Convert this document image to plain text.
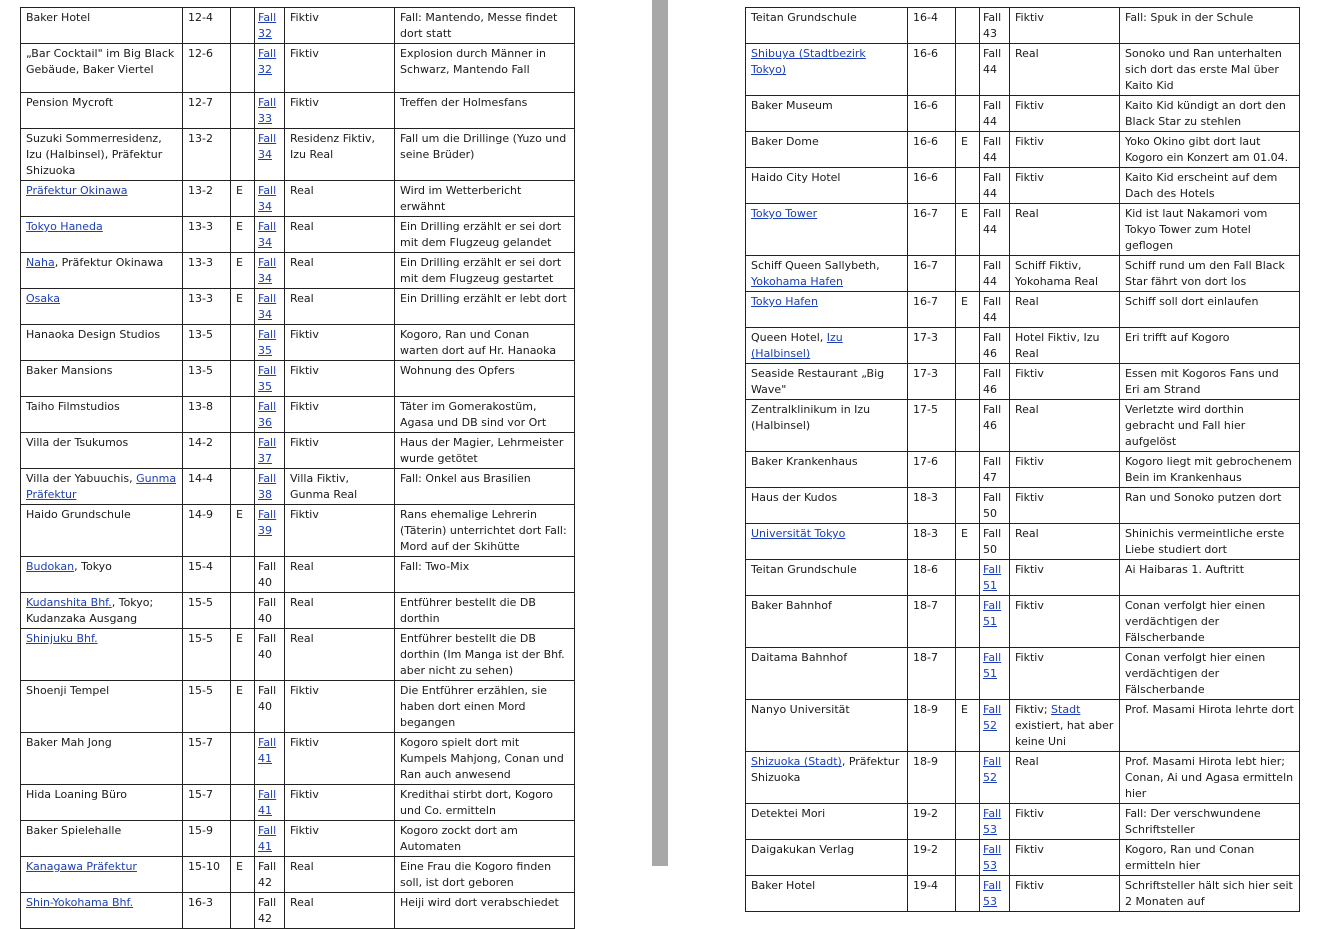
Baker Hotel	12-4		Fall 32	Fiktiv	Fall: Mantendo, Messe findet dort statt
„Bar Cocktail" im Big Black Gebäude, Baker Viertel	12-6		Fall 32	Fiktiv	Explosion durch Männer in Schwarz, Mantendo Fall
Pension Mycroft	12-7		Fall 33	Fiktiv	Treffen der Holmesfans
Suzuki Sommerresidenz, Izu (Halbinsel), Präfektur Shizuoka	13-2		Fall 34	Residenz Fiktiv, Izu Real	Fall um die Drillinge (Yuzo und seine Brüder)
Präfektur Okinawa	13-2	E	Fall 34	Real	Wird im Wetterbericht erwähnt
Tokyo Haneda	13-3	E	Fall 34	Real	Ein Drilling erzählt er sei dort mit dem Flugzeug gelandet
Naha, Präfektur Okinawa	13-3	E	Fall 34	Real	Ein Drilling erzählt er sei dort mit dem Flugzeug gestartet
Osaka	13-3	E	Fall 34	Real	Ein Drilling erzählt er lebt dort
Hanaoka Design Studios	13-5		Fall 35	Fiktiv	Kogoro, Ran und Conan warten dort auf Hr. Hanaoka
Baker Mansions	13-5		Fall 35	Fiktiv	Wohnung des Opfers
Taiho Filmstudios	13-8		Fall 36	Fiktiv	Täter im Gomerakostüm, Agasa und DB sind vor Ort
Villa der Tsukumos	14-2		Fall 37	Fiktiv	Haus der Magier, Lehrmeister wurde getötet
Villa der Yabuuchis, Gunma Präfektur	14-4		Fall 38	Villa Fiktiv, Gunma Real	Fall: Onkel aus Brasilien
Haido Grundschule	14-9	E	Fall 39	Fiktiv	Rans ehemalige Lehrerin (Täterin) unterrichtet dort Fall: Mord auf der Skihütte
Budokan, Tokyo	15-4		Fall 40	Real	Fall: Two-Mix
Kudanshita Bhf., Tokyo; Kudanzaka Ausgang	15-5		Fall 40	Real	Entführer bestellt die DB dorthin
Shinjuku Bhf.	15-5	E	Fall 40	Real	Entführer bestellt die DB dorthin (Im Manga ist der Bhf. aber nicht zu sehen)
Shoenji Tempel	15-5	E	Fall 40	Fiktiv	Die Entführer erzählen, sie haben dort einen Mord begangen
Baker Mah Jong	15-7		Fall 41	Fiktiv	Kogoro spielt dort mit Kumpels Mahjong, Conan und Ran auch anwesend
Hida Loaning Büro	15-7		Fall 41	Fiktiv	Kredithai stirbt dort, Kogoro und Co. ermitteln
Baker Spielehalle	15-9		Fall 41	Fiktiv	Kogoro zockt dort am Automaten
Kanagawa Präfektur	15-10	E	Fall 42	Real	Eine Frau die Kogoro finden soll, ist dort geboren
Shin-Yokohama Bhf.	16-3		Fall 42	Real	Heiji wird dort verabschiedet
Teitan Grundschule	16-4		Fall 43	Fiktiv	Fall: Spuk in der Schule
Shibuya (Stadtbezirk Tokyo)	16-6		Fall 44	Real	Sonoko und Ran unterhalten sich dort das erste Mal über Kaito Kid
Baker Museum	16-6		Fall 44	Fiktiv	Kaito Kid kündigt an dort den Black Star zu stehlen
Baker Dome	16-6	E	Fall 44	Fiktiv	Yoko Okino gibt dort laut Kogoro ein Konzert am 01.04.
Haido City Hotel	16-6		Fall 44	Fiktiv	Kaito Kid erscheint auf dem Dach des Hotels
Tokyo Tower	16-7	E	Fall 44	Real	Kid ist laut Nakamori vom Tokyo Tower zum Hotel geflogen
Schiff Queen Sallybeth, Yokohama Hafen	16-7		Fall 44	Schiff Fiktiv, Yokohama Real	Schiff rund um den Fall Black Star fährt von dort los
Tokyo Hafen	16-7	E	Fall 44	Real	Schiff soll dort einlaufen
Queen Hotel, Izu (Halbinsel)	17-3		Fall 46	Hotel Fiktiv, Izu Real	Eri trifft auf Kogoro
Seaside Restaurant „Big Wave"	17-3		Fall 46	Fiktiv	Essen mit Kogoros Fans und Eri am Strand
Zentralklinikum in Izu (Halbinsel)	17-5		Fall 46	Real	Verletzte wird dorthin gebracht und Fall hier aufgelöst
Baker Krankenhaus	17-6		Fall 47	Fiktiv	Kogoro liegt mit gebrochenem Bein im Krankenhaus
Haus der Kudos	18-3		Fall 50	Fiktiv	Ran und Sonoko putzen dort
Universität Tokyo	18-3	E	Fall 50	Real	Shinichis vermeintliche erste Liebe studiert dort
Teitan Grundschule	18-6		Fall 51	Fiktiv	Ai Haibaras 1. Auftritt
Baker Bahnhof	18-7		Fall 51	Fiktiv	Conan verfolgt hier einen verdächtigen der Fälscherbande
Daitama Bahnhof	18-7		Fall 51	Fiktiv	Conan verfolgt hier einen verdächtigen der Fälscherbande
Nanyo Universität	18-9	E	Fall 52	Fiktiv; Stadt existiert, hat aber keine Uni	Prof. Masami Hirota lehrte dort
Shizuoka (Stadt), Präfektur Shizuoka	18-9		Fall 52	Real	Prof. Masami Hirota lebt hier; Conan, Ai und Agasa ermitteln hier
Detektei Mori	19-2		Fall 53	Fiktiv	Fall: Der verschwundene Schriftsteller
Daigakukan Verlag	19-2		Fall 53	Fiktiv	Kogoro, Ran und Conan ermitteln hier
Baker Hotel	19-4		Fall 53	Fiktiv	Schriftsteller hält sich hier seit 2 Monaten auf
